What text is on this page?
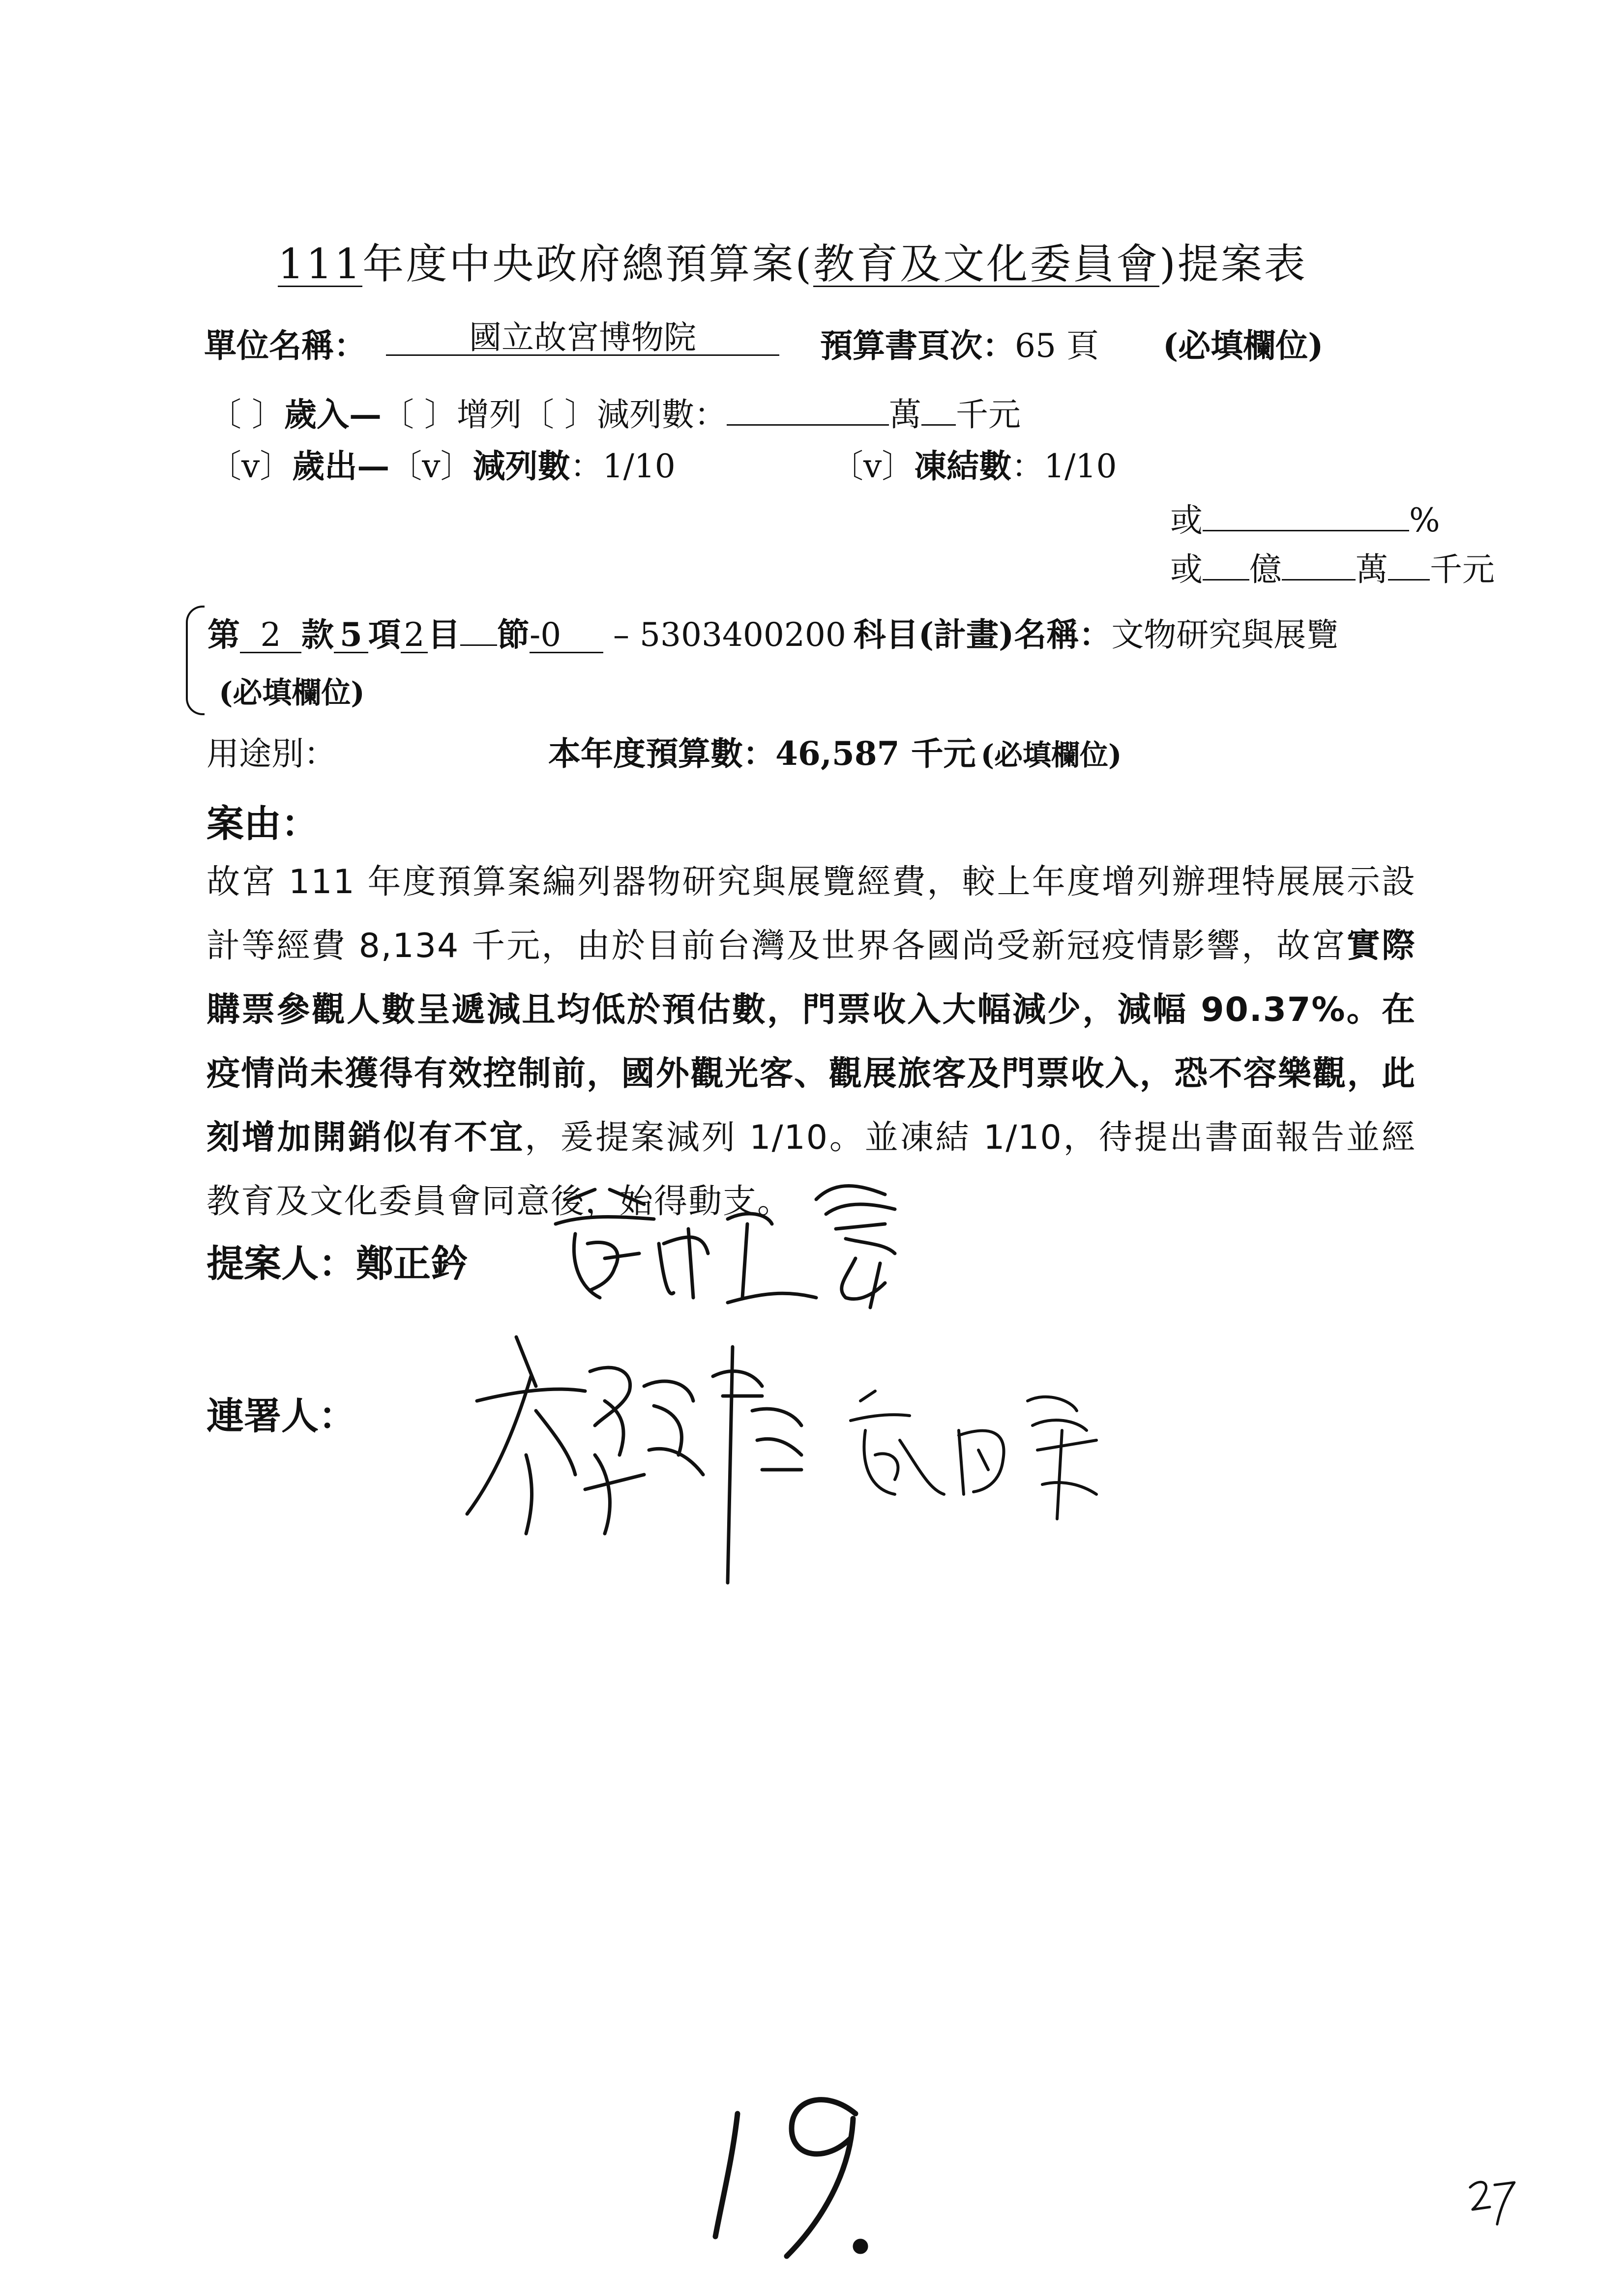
111年度中央政府總預算案(教育及文化委員會)提案表
單位名稱：	國立故宮博物院	預算書頁次：65 頁 (必填欄位)
〔 〕歲入—〔 〕增列〔 〕減列數：	萬 千元
〔v〕歲出—〔v〕減列數：1/10	〔v〕凍結數：1/10
或	%
或 億 萬 千元
第 2 款 5 項2目 節-0 – 5303400200 科目(計畫)名稱：文物研究與展覽
(必填欄位)
用途別：	本年度預算數：46,587 千元 (必填欄位)
案由：
故宮 111 年度預算案編列器物研究與展覽經費，較上年度增列辦理特展展示設計等經費 8,134 千元，由於目前台灣及世界各國尚受新冠疫情影響，故宮實際購票參觀人數呈遞減且均低於預估數，門票收入大幅減少，減幅 90.37%。在疫情尚未獲得有效控制前，國外觀光客、觀展旅客及門票收入，恐不容樂觀，此刻增加開銷似有不宜，爰提案減列 1/10。並凍結 1/10，待提出書面報告並經教育及文化委員會同意後，始得動支。
提案人：鄭正鈐
連署人：
